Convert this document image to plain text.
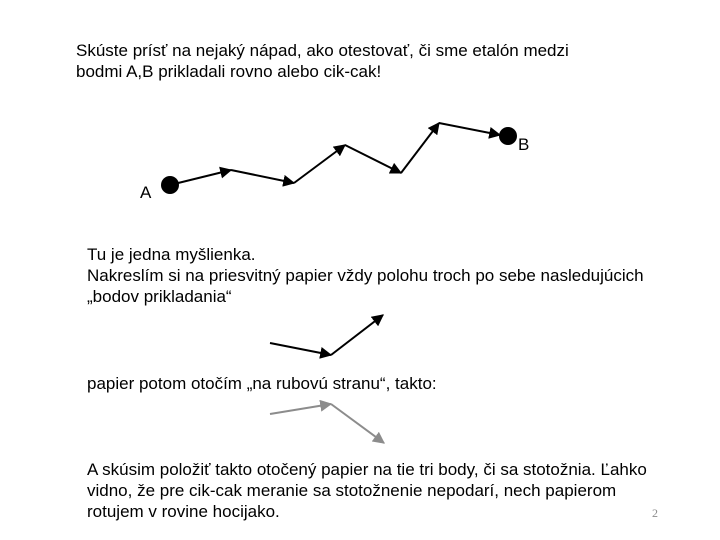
Skúste prísť na nejaký nápad, ako otestovať, či sme etalón medzi
bodmi A,B prikladali rovno alebo cik-cak!

A
B

Tu je jedna myšlienka.
Nakreslím si na priesvitný papier vždy polohu troch po sebe nasledujúcich
„bodov prikladania“

papier potom otočím „na rubovú stranu“, takto:

A skúsim položiť takto otočený papier na tie tri body, či sa stotožnia. Ľahko
vidno, že pre cik-cak meranie sa stotožnenie nepodarí, nech papierom
rotujem v rovine hocijako.	2
